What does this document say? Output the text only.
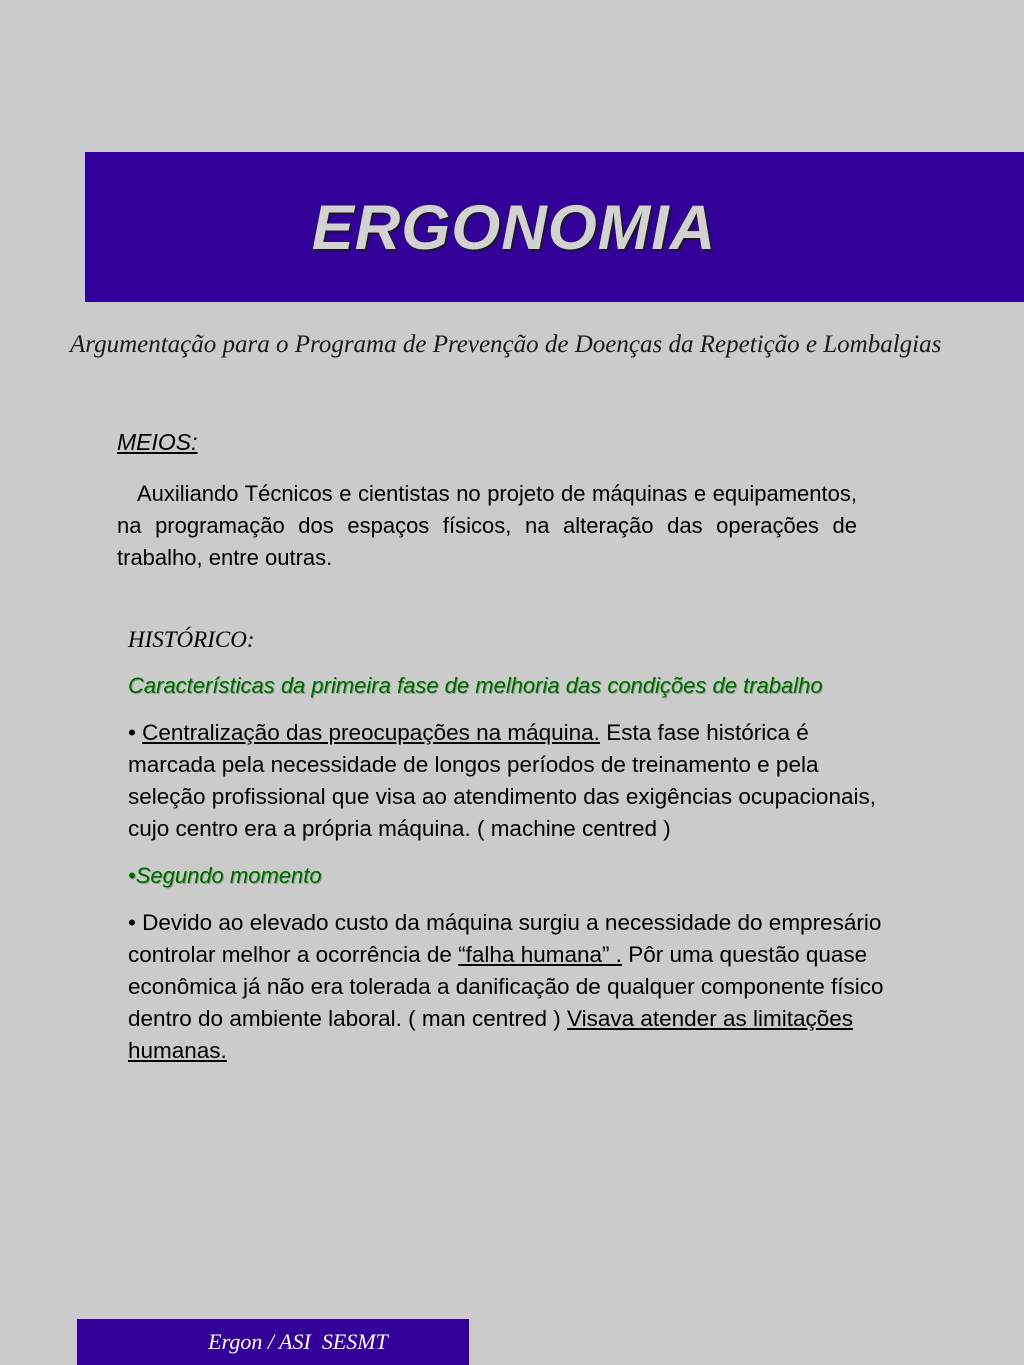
ERGONOMIA
Argumentação para o Programa de Prevenção de Doenças da Repetição e Lombalgias
MEIOS:
Auxiliando Técnicos e cientistas no projeto de máquinas e equipamentos, na programação dos espaços físicos, na alteração das operações de trabalho, entre outras.
HISTÓRICO:
Características da primeira fase de melhoria das condições de trabalho
• Centralização das preocupações na máquina. Esta fase histórica é marcada pela necessidade de longos períodos de treinamento e pela seleção profissional que visa ao atendimento das exigências ocupacionais, cujo centro era a própria máquina. ( machine centred )
•Segundo momento
• Devido ao elevado custo da máquina surgiu a necessidade do empresário controlar melhor a ocorrência de “falha humana” . Pôr uma questão quase econômica já não era tolerada a danificação de qualquer componente físico dentro do ambiente laboral. ( man centred ) Visava atender as limitações humanas.
Ergon / ASI  SESMT
